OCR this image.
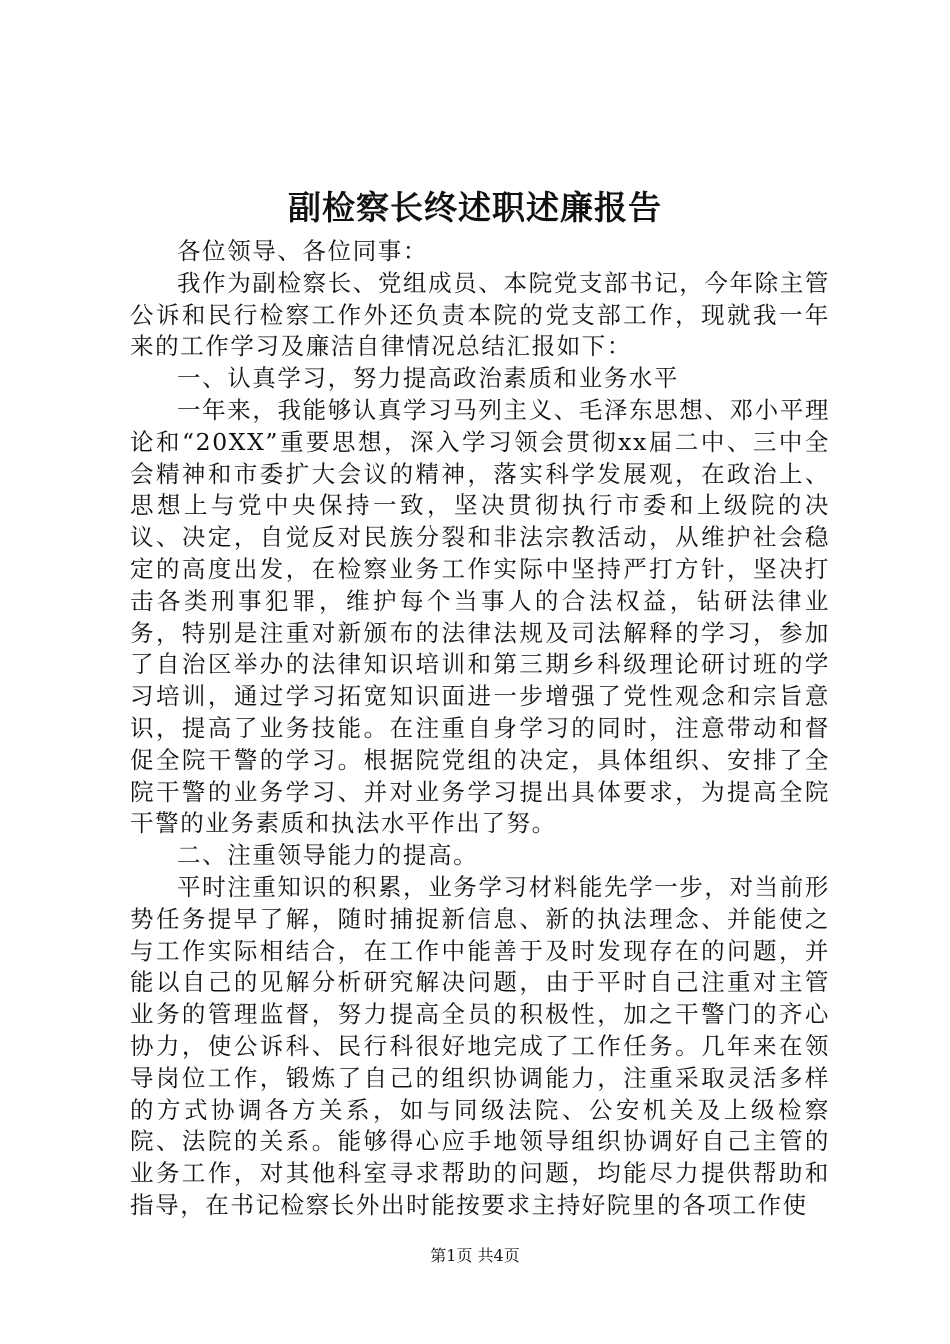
副检察长终述职述廉报告

各位领导、各位同事：

我作为副检察长、党组成员、本院党支部书记，今年除主管公诉和民行检察工作外还负责本院的党支部工作，现就我一年来的工作学习及廉洁自律情况总结汇报如下：

一、认真学习，努力提高政治素质和业务水平

一年来，我能够认真学习马列主义、毛泽东思想、邓小平理论和“20XX”重要思想，深入学习领会贯彻xx届二中、三中全会精神和市委扩大会议的精神，落实科学发展观，在政治上、思想上与党中央保持一致，坚决贯彻执行市委和上级院的决议、决定，自觉反对民族分裂和非法宗教活动，从维护社会稳定的高度出发，在检察业务工作实际中坚持严打方针，坚决打击各类刑事犯罪，维护每个当事人的合法权益，钻研法律业务，特别是注重对新颁布的法律法规及司法解释的学习，参加了自治区举办的法律知识培训和第三期乡科级理论研讨班的学习培训，通过学习拓宽知识面进一步增强了党性观念和宗旨意识，提高了业务技能。在注重自身学习的同时，注意带动和督促全院干警的学习。根据院党组的决定，具体组织、安排了全院干警的业务学习、并对业务学习提出具体要求，为提高全院干警的业务素质和执法水平作出了努。

二、注重领导能力的提高。

平时注重知识的积累，业务学习材料能先学一步，对当前形势任务提早了解，随时捕捉新信息、新的执法理念、并能使之与工作实际相结合，在工作中能善于及时发现存在的问题，并能以自己的见解分析研究解决问题，由于平时自己注重对主管业务的管理监督，努力提高全员的积极性，加之干警门的齐心协力，使公诉科、民行科很好地完成了工作任务。几年来在领导岗位工作，锻炼了自己的组织协调能力，注重采取灵活多样的方式协调各方关系，如与同级法院、公安机关及上级检察院、法院的关系。能够得心应手地领导组织协调好自己主管的业务工作，对其他科室寻求帮助的问题，均能尽力提供帮助和指导，在书记检察长外出时能按要求主持好院里的各项工作使

第1页 共4页
